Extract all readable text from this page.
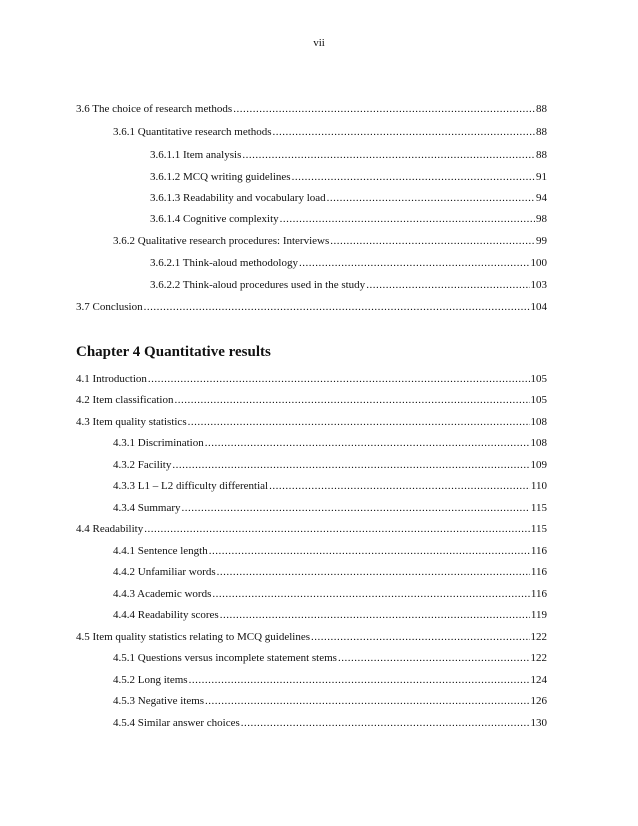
vii
3.6 The choice of research methods .....	88
3.6.1 Quantitative research methods .....	88
3.6.1.1 Item analysis .....	88
3.6.1.2 MCQ writing guidelines .....	91
3.6.1.3 Readability and vocabulary load .....	94
3.6.1.4 Cognitive complexity .....	98
3.6.2 Qualitative research procedures: Interviews .....	99
3.6.2.1 Think-aloud methodology .....	100
3.6.2.2 Think-aloud procedures used in the study .....	103
3.7 Conclusion .....	104
Chapter 4 Quantitative results
4.1 Introduction .....	105
4.2 Item classification .....	105
4.3 Item quality statistics .....	108
4.3.1 Discrimination .....	108
4.3.2 Facility .....	109
4.3.3 L1 – L2 difficulty differential .....	110
4.3.4 Summary .....	115
4.4 Readability .....	115
4.4.1 Sentence length .....	116
4.4.2 Unfamiliar words .....	116
4.4.3 Academic words .....	116
4.4.4 Readability scores .....	119
4.5 Item quality statistics relating to MCQ guidelines .....	122
4.5.1 Questions versus incomplete statement stems .....	122
4.5.2 Long items .....	124
4.5.3 Negative items .....	126
4.5.4 Similar answer choices .....	130
